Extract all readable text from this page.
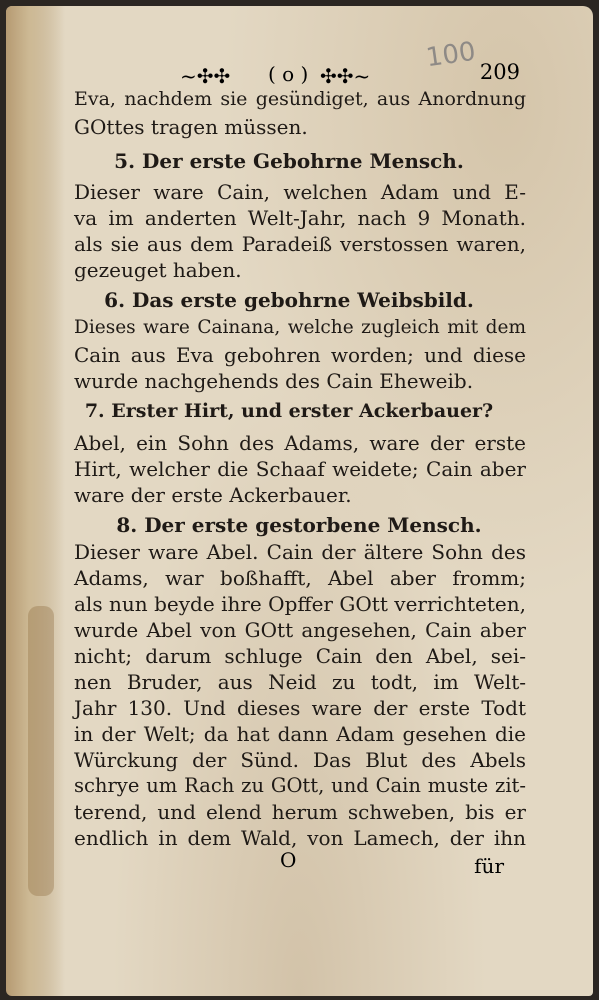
~✣✣ ( o ) ✣✣~
100 209
Eva, nachdem sie gesündiget, aus Anordnung
GOttes tragen müssen.
5. Der erste Gebohrne Mensch.
Dieser ware Cain, welchen Adam und E-
va im anderten Welt-Jahr, nach 9 Monath.
als sie aus dem Paradeiß verstossen waren,
gezeuget haben.
6. Das erste gebohrne Weibsbild.
Dieses ware Cainana, welche zugleich mit dem
Cain aus Eva gebohren worden; und diese
wurde nachgehends des Cain Eheweib.
7. Erster Hirt, und erster Ackerbauer?
Abel, ein Sohn des Adams, ware der erste
Hirt, welcher die Schaaf weidete; Cain aber
ware der erste Ackerbauer.
8. Der erste gestorbene Mensch.
Dieser ware Abel. Cain der ältere Sohn des
Adams, war boßhafft, Abel aber fromm;
als nun beyde ihre Opffer GOtt verrichteten,
wurde Abel von GOtt angesehen, Cain aber
nicht; darum schluge Cain den Abel, sei-
nen Bruder, aus Neid zu todt, im Welt-
Jahr 130. Und dieses ware der erste Todt
in der Welt; da hat dann Adam gesehen die
Würckung der Sünd. Das Blut des Abels
schrye um Rach zu GOtt, und Cain muste zit-
terend, und elend herum schweben, bis er
endlich in dem Wald, von Lamech, der ihn
O	für
